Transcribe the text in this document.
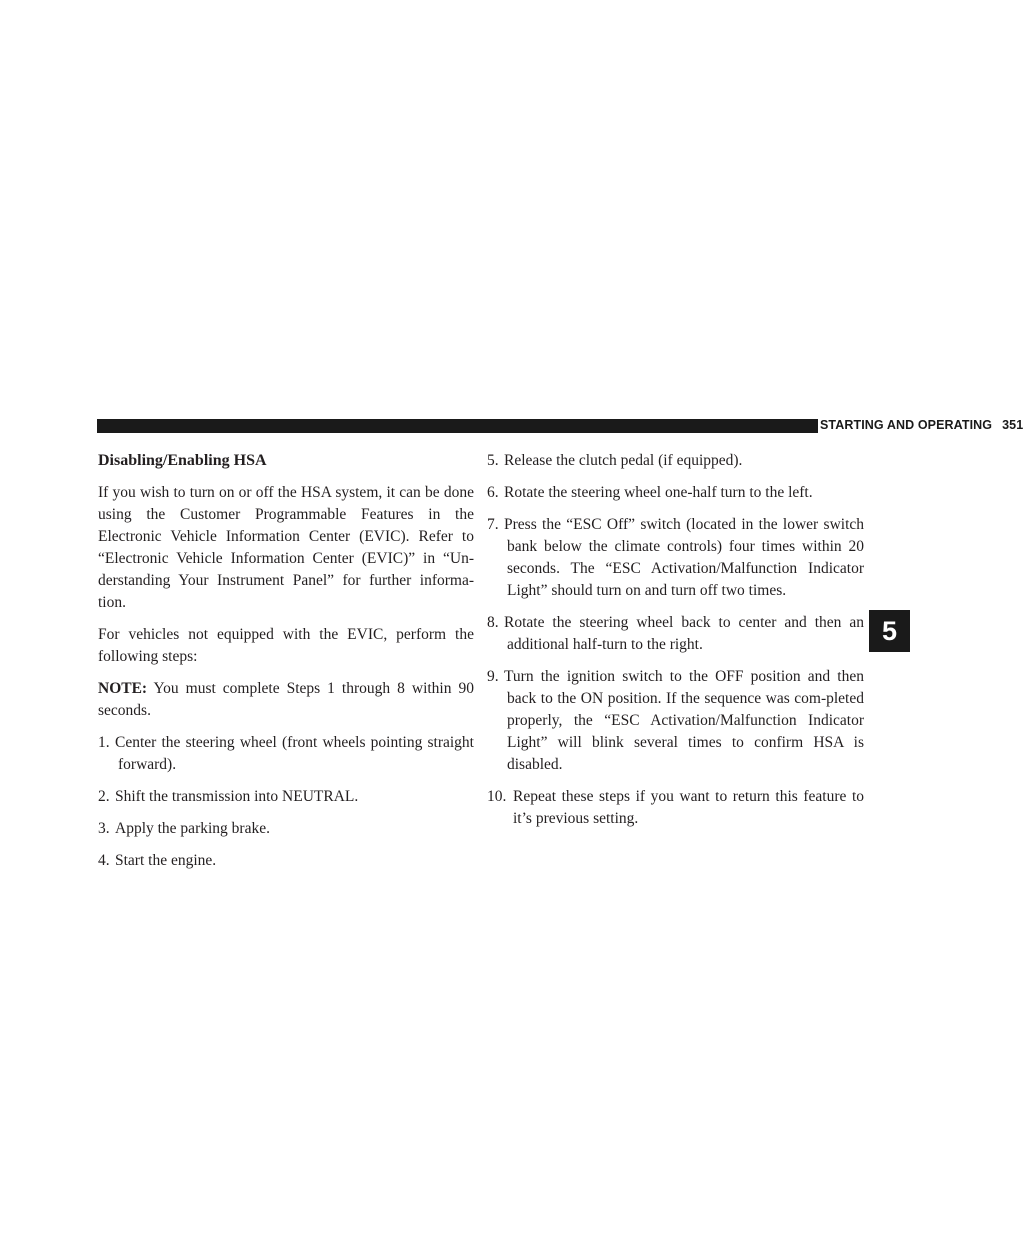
STARTING AND OPERATING 351
5
Disabling/Enabling HSA

If you wish to turn on or off the HSA system, it can be done using the Customer Programmable Features in the Electronic Vehicle Information Center (EVIC). Refer to “Electronic Vehicle Information Center (EVIC)” in “Un-derstanding Your Instrument Panel” for further informa-tion.

For vehicles not equipped with the EVIC, perform the following steps:

NOTE: You must complete Steps 1 through 8 within 90 seconds.

1. Center the steering wheel (front wheels pointing straight forward).
2. Shift the transmission into NEUTRAL.
3. Apply the parking brake.
4. Start the engine.
5. Release the clutch pedal (if equipped).
6. Rotate the steering wheel one-half turn to the left.
7. Press the “ESC Off” switch (located in the lower switch bank below the climate controls) four times within 20 seconds. The “ESC Activation/Malfunction Indicator Light” should turn on and turn off two times.
8. Rotate the steering wheel back to center and then an additional half-turn to the right.
9. Turn the ignition switch to the OFF position and then back to the ON position. If the sequence was com-pleted properly, the “ESC Activation/Malfunction Indicator Light” will blink several times to confirm HSA is disabled.
10. Repeat these steps if you want to return this feature to it’s previous setting.
